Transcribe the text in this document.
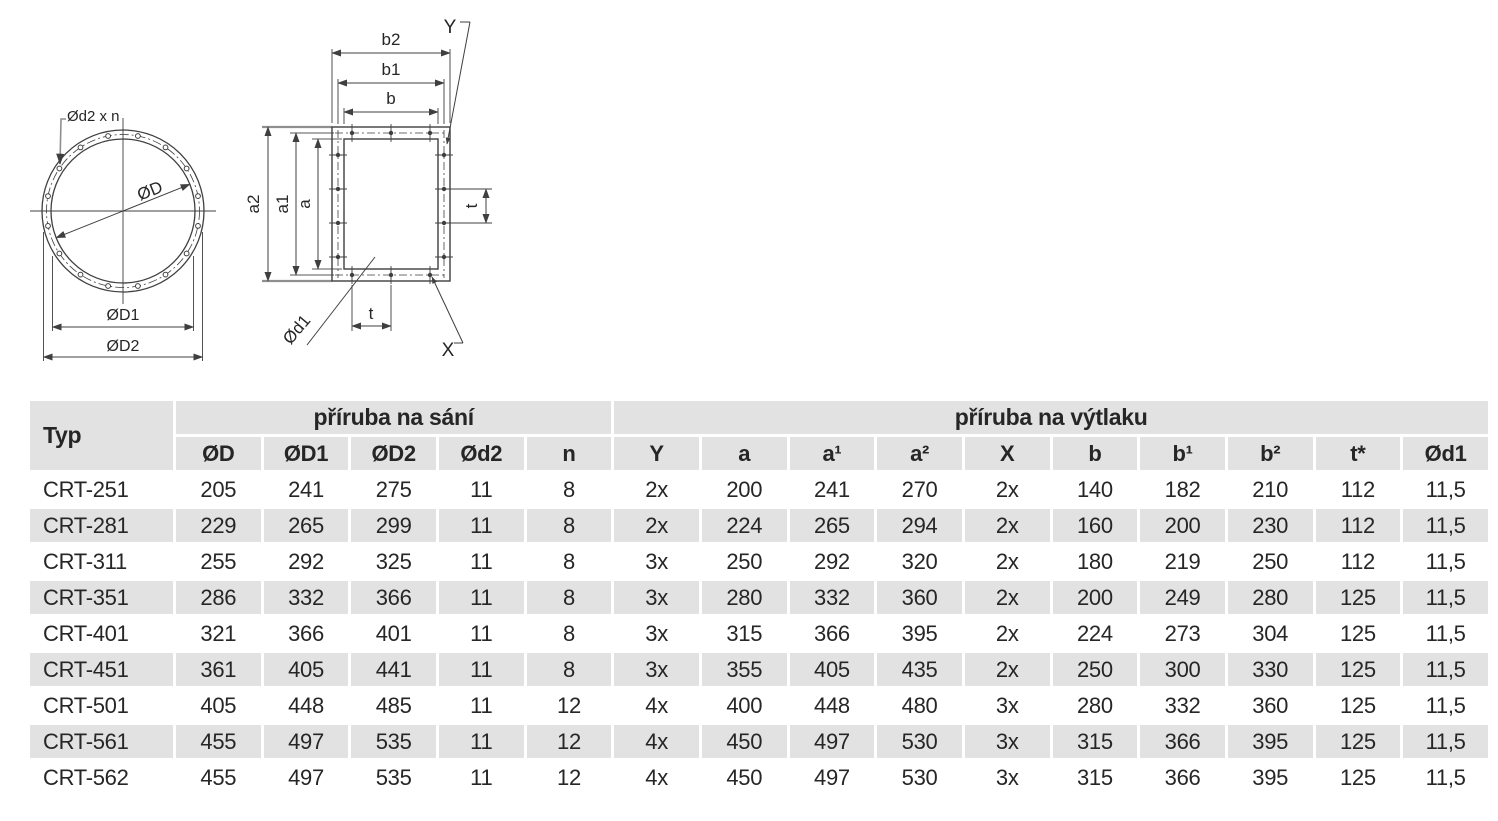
Ød2 x n
ØD
ØD1
ØD2
b2
b1
b
a2 a1 a	t
t
Ød1
Y
X
Typ	příruba na sání					příruba na výtlaku									
	ØD	ØD1	ØD2	Ød2	n	Y	a	a¹	a²	X	b	b¹	b²	t*	Ød1
CRT-251	205	241	275	11	8	2x	200	241	270	2x	140	182	210	112	11,5
CRT-281	229	265	299	11	8	2x	224	265	294	2x	160	200	230	112	11,5
CRT-311	255	292	325	11	8	3x	250	292	320	2x	180	219	250	112	11,5
CRT-351	286	332	366	11	8	3x	280	332	360	2x	200	249	280	125	11,5
CRT-401	321	366	401	11	8	3x	315	366	395	2x	224	273	304	125	11,5
CRT-451	361	405	441	11	8	3x	355	405	435	2x	250	300	330	125	11,5
CRT-501	405	448	485	11	12	4x	400	448	480	3x	280	332	360	125	11,5
CRT-561	455	497	535	11	12	4x	450	497	530	3x	315	366	395	125	11,5
CRT-562	455	497	535	11	12	4x	450	497	530	3x	315	366	395	125	11,5
